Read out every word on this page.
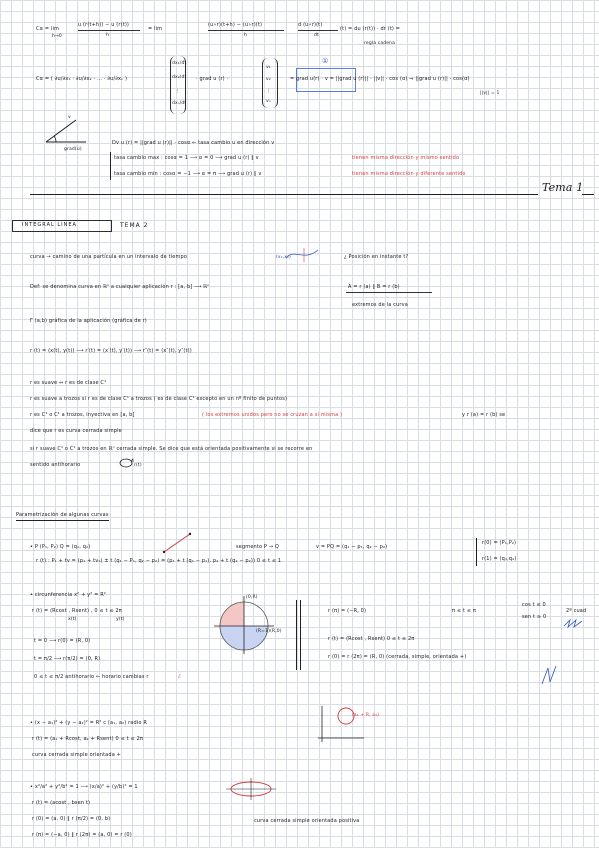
Cα = lim
h→0
u (r(t+h)) − u (r(t))
h
= lim
(u∘r)(t+h) − (u∘r)(t)
h
d (u∘r)(t)
dt
(t) = du (r(t)) · dr (t) =
regla cadena
Cα = ( ∂u/∂x₁ · ∂u/∂x₂ · … · ∂u/∂xₙ )
dx₁/dt
dx₂/dt
⋮
dxₙ/dt
· grad u (r) ·
v₁
v₂
⋮
vₙ
①
= grad u(r) · v = ||grad u (r)|| · ||v|| · cos (α) ⇒ ||grad u (r)|| · cos(α)
||v|| = 1
v
grad(u)
Dv u (r) = ||grad u (r)|| · cosα ← tasa cambio u en dirección v
tasa cambio max : cosα = 1 ⟶ α = 0 ⟶ grad u (r) ∥ v	tienen misma dirección y mismo sentido
tasa cambio min : cosα = −1 ⟶ α = π ⟶ grad u (r) ∥ v	tienen misma dirección y diferente sentido
Tema 1
INTEGRAL LINEA	TEMA 2
curva → camino de una partícula en un intervalo de tiempo	(x₁,x₂)	¿ Posición en instante t?
Def: se denomina curva en ℝⁿ a cualquier aplicación r : [a, b] ⟶ ℝⁿ	A = r (a) ∥ B = r (b)
extremos de la curva
Γ (a,b) gráfica de la aplicación (gráfica de r)
r (t) = (x(t), y(t)) ⟶ r′(t) = (x′(t), y′(t)) ⟶ r″(t) = (x″(t), y″(t))
r es suave ⇔ r es de clase C¹
r es suave a trozos si r es de clase C¹ a trozos ( es de clase C¹ excepto en un nº finito de puntos)
r es C¹ o C¹ a trozos, inyectiva en [a, b]	( los extremos unidos pero no se cruzan a sí misma )	y r (a) = r (b) se
dice que r es curva cerrada simple
si r suave C¹ o C¹ a trozos en ℝⁿ cerrada simple. Se dice que está orientada positivamente si se recorre en
sentido antihorario	r(t)
Parametrización de algunas curvas
• P (P₁, P₂) Q = (q₁, q₂)	segmento P → Q	v = PQ = (q₁ − p₁, q₂ − p₂)
r(0) = (P₁,P₂)
r(1) = (q₁,q₂)
r (t) : P₁ + tv = (p₁ + tv₁) ± t (q₁ − P₁, q₂ − p₂) = (p₁ + t (q₁ − p₁), p₂ + t (q₂ − p₂)) 0 ≤ t ≤ 1
• circunferencia x² + y² = R²
r (t) = (Rcost , Rsent) , 0 ≤ t ≤ 2π
x(t)	y(t)
t = 0 ⟶ r(0) = (R, 0)
t = π/2 ⟶ r(π/2) = (0, R)
0 ≤ t ≤ π/2 antihorario ← horario cambias r	ℰ
(0,R)
(R=1)(R,0)
r (π) = (−R, 0)	π ≤ t ≤ π
cos t ≤ 0
sen t ≥ 0
2º cuad
r (t) = (Rcost , Rsent) 0 ≤ t ≤ 2π
r (0) = r (2π) = (R, 0) (cerrada, simple, orientada +)
• (x − a₁)² + (y − a₂)² = R² c (a₁, a₂) radio R
r (t) = (a₁ + Rcost, a₂ + Rsent) 0 ≤ t ≤ 2π
curva cerrada simple orientada +
(a₁ + R, a₂)
• x²/a² + y²/b² = 1 ⟶ (x/a)² + (y/b)² = 1
r (t) = (acost , bsen t)
r (0) = (a, 0) ∥ r (π/2) = (0, b)
r (π) = (−a, 0) ∥ r (2π) = (a, 0) = r (0)
curva cerrada simple orientada positiva
